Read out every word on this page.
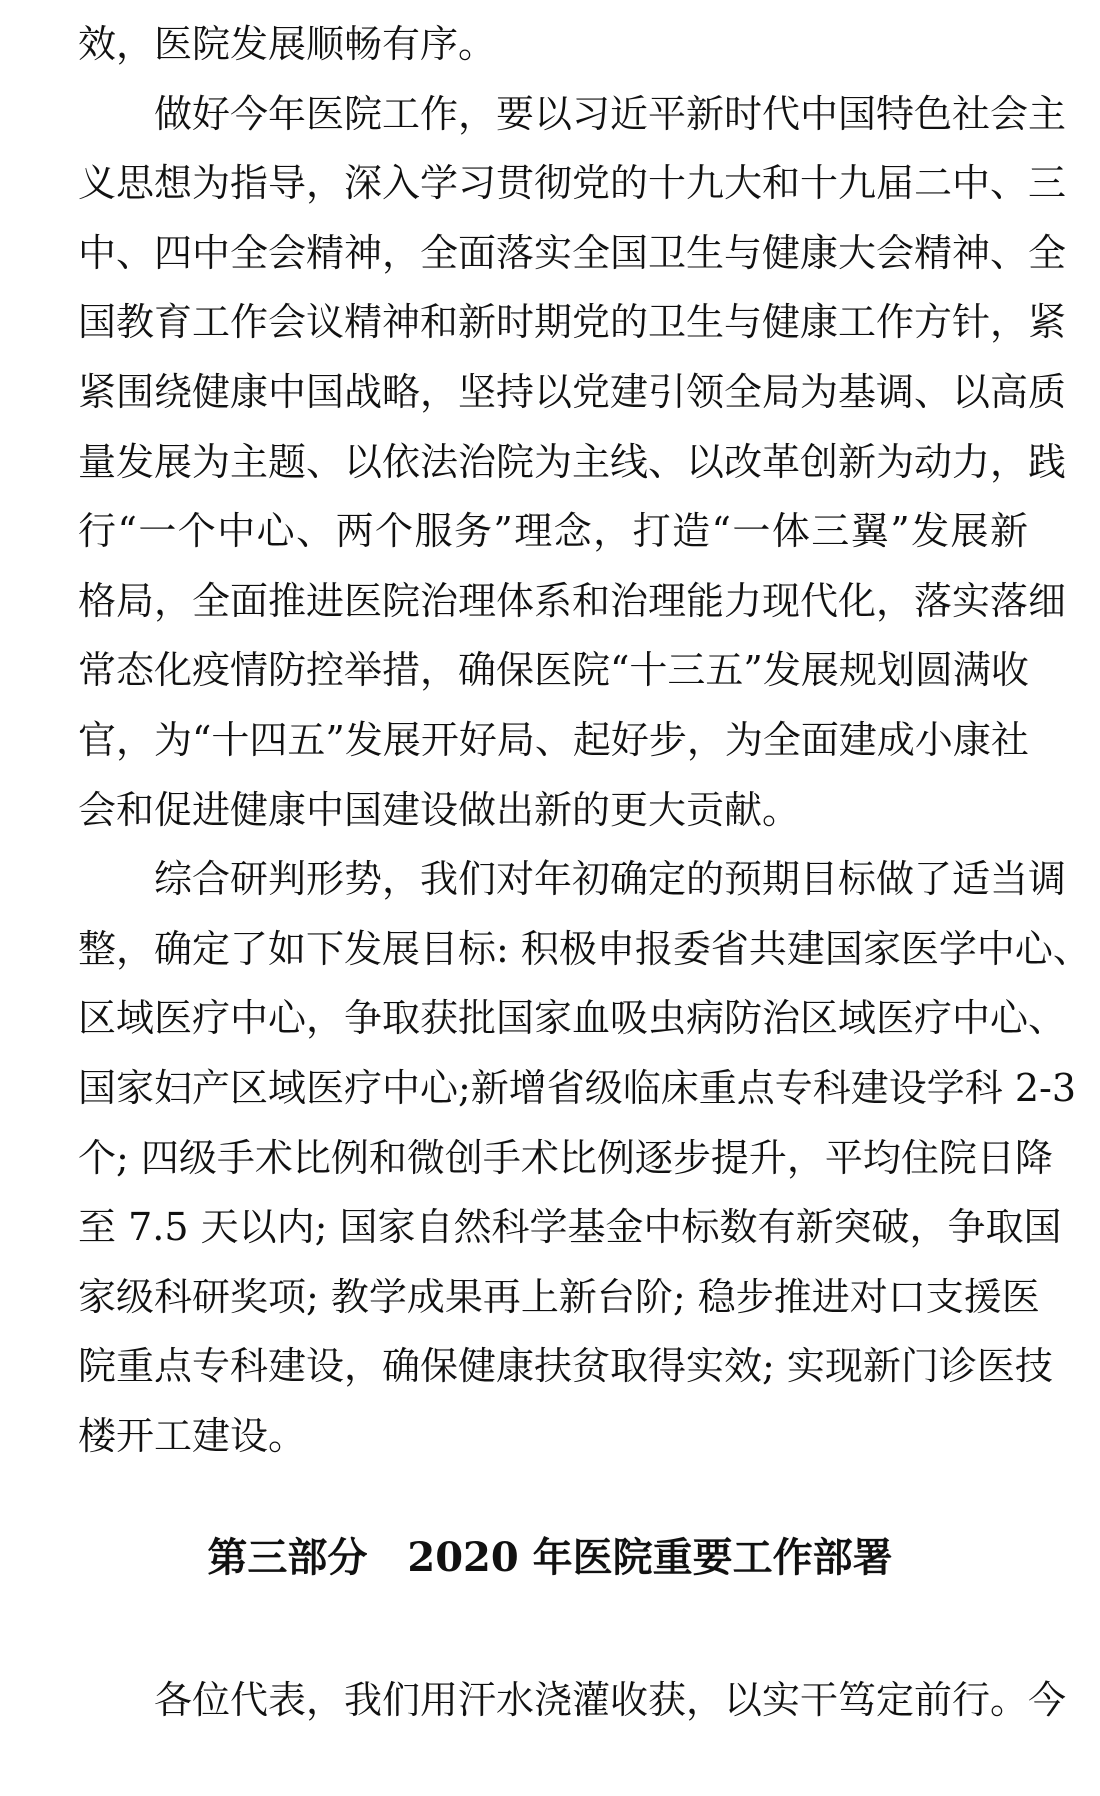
效，医院发展顺畅有序。
做好今年医院工作，要以习近平新时代中国特色社会主
义思想为指导，深入学习贯彻党的十九大和十九届二中、三
中、四中全会精神，全面落实全国卫生与健康大会精神、全
国教育工作会议精神和新时期党的卫生与健康工作方针，紧
紧围绕健康中国战略，坚持以党建引领全局为基调、以高质
量发展为主题、以依法治院为主线、以改革创新为动力，践
行“一个中心、两个服务”理念，打造“一体三翼”发展新
格局，全面推进医院治理体系和治理能力现代化，落实落细
常态化疫情防控举措，确保医院“十三五”发展规划圆满收
官，为“十四五”发展开好局、起好步，为全面建成小康社
会和促进健康中国建设做出新的更大贡献。
综合研判形势，我们对年初确定的预期目标做了适当调
整，确定了如下发展目标: 积极申报委省共建国家医学中心、
区域医疗中心，争取获批国家血吸虫病防治区域医疗中心、
国家妇产区域医疗中心;新增省级临床重点专科建设学科 2-3
个; 四级手术比例和微创手术比例逐步提升，平均住院日降
至 7.5 天以内; 国家自然科学基金中标数有新突破，争取国
家级科研奖项; 教学成果再上新台阶; 稳步推进对口支援医
院重点专科建设，确保健康扶贫取得实效; 实现新门诊医技
楼开工建设。
第三部分 2020 年医院重要工作部署
各位代表，我们用汗水浇灌收获，以实干笃定前行。今
